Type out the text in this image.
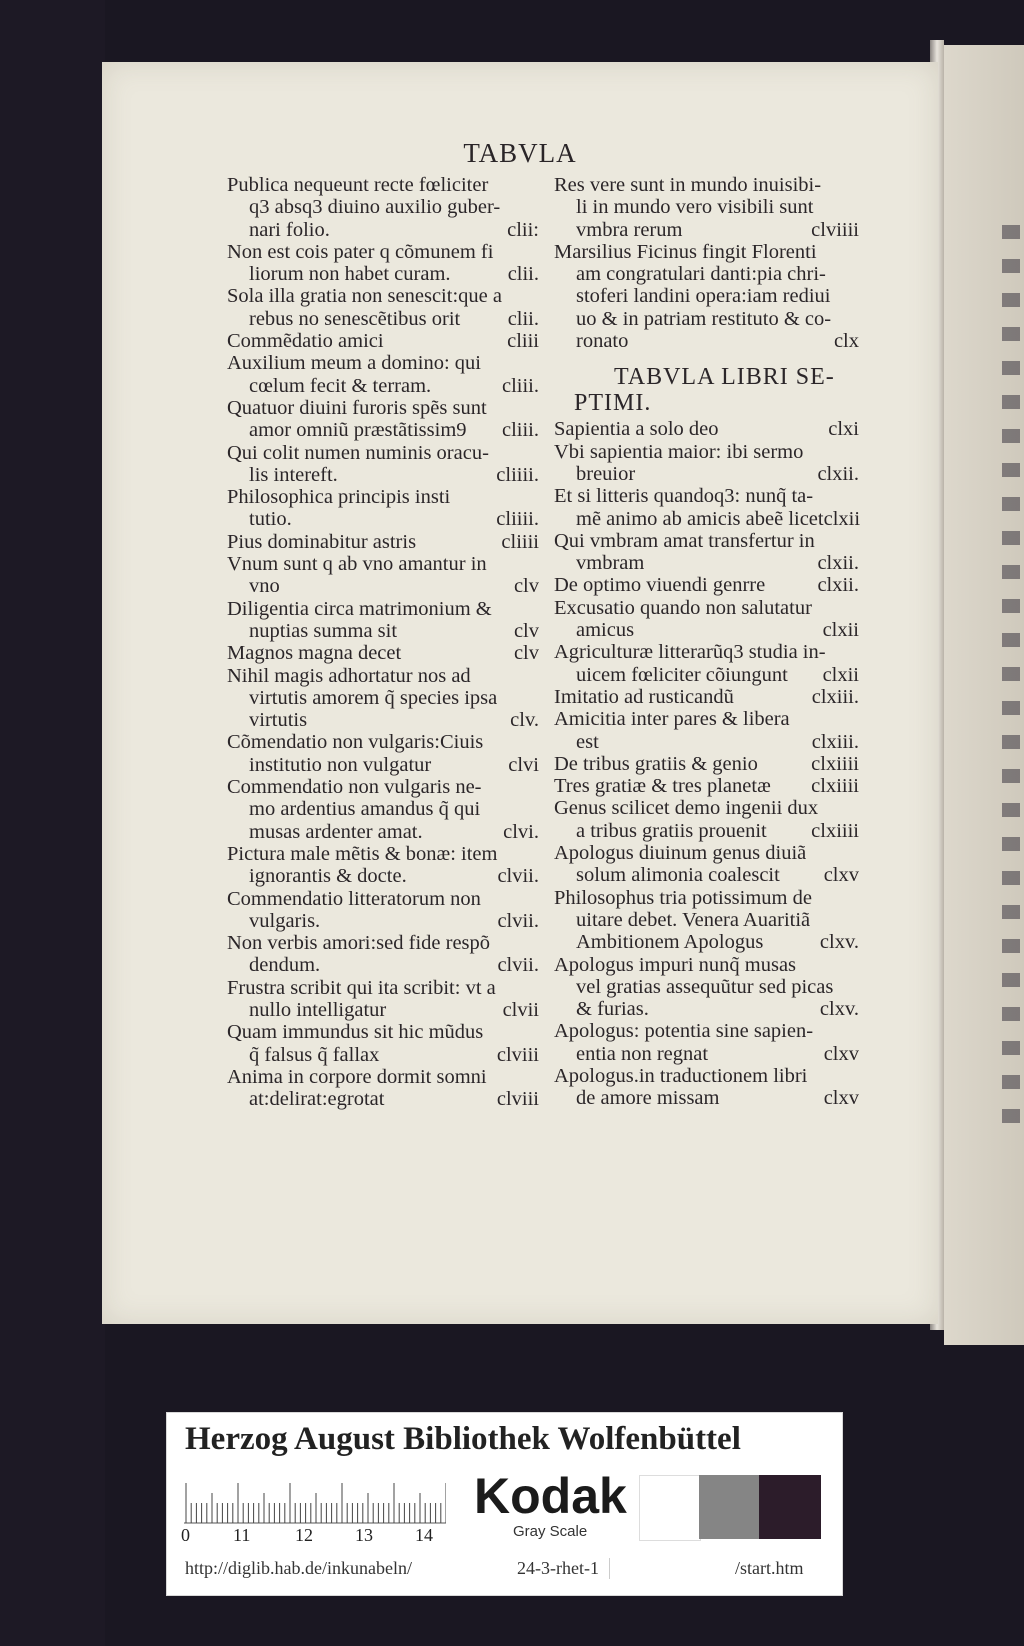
TABVLA
Publica nequeunt recte fœliciter
q3 absq3 diuino auxilio guber-
nari folio.	clii:
Non est cois pater q cõmunem fi
liorum non habet curam.	clii.
Sola illa gratia non senescit:que a
rebus no senescẽtibus orit clii.
Commẽdatio amici	cliii
Auxilium meum a domino: qui
cœlum fecit & terram.	cliii.
Quatuor diuini furoris spẽs sunt
amor omniũ præstãtissim9 cliii.
Qui colit numen numinis oracu-
lis intereft.	cliiii.
Philosophica principis insti
tutio.	cliiii.
Pius dominabitur astris	cliiii
Vnum sunt q ab vno amantur in
vno	clv
Diligentia circa matrimonium &
nuptias summa sit	clv
Magnos magna decet	clv
Nihil magis adhortatur nos ad
virtutis amorem q̃ species ipsa
virtutis	clv.
Cõmendatio non vulgaris:Ciuis
institutio non vulgatur	clvi
Commendatio non vulgaris ne-
mo ardentius amandus q̃ qui
musas ardenter amat.	clvi.
Pictura male mẽtis & bonæ: item
ignorantis & docte.	clvii.
Commendatio litteratorum non
vulgaris.	clvii.
Non verbis amori:sed fide respõ
dendum.	clvii.
Frustra scribit qui ita scribit: vt a
nullo intelligatur	clvii
Quam immundus sit hic mũdus
q̃ falsus q̃ fallax	clviii
Anima in corpore dormit somni
at:delirat:egrotat	clviii
Res vere sunt in mundo inuisibi-
li in mundo vero visibili sunt
vmbra rerum	clviiii
Marsilius Ficinus fingit Florenti
am congratulari danti:pia chri-
stoferi landini opera:iam rediui
uo & in patriam restituto & co-
ronato	clx
TABVLA LIBRI SE-
PTIMI.
Sapientia a solo deo	clxi
Vbi sapientia maior: ibi sermo
breuior	clxii.
Et si litteris quandoq3: nunq̃ ta-
mẽ animo ab amicis abeẽ licet clxii
Qui vmbram amat transfertur in
vmbram	clxii.
De optimo viuendi genrre	clxii.
Excusatio quando non salutatur
amicus	clxii
Agriculturæ litterarũq3 studia in-
uicem fœliciter cõiungunt clxii
Imitatio ad rusticandũ	clxiii.
Amicitia inter pares & libera
est	clxiii.
De tribus gratiis & genio	clxiiii
Tres gratiæ & tres planetæ clxiiii
Genus scilicet demo ingenii dux
a tribus gratiis prouenit clxiiii
Apologus diuinum genus diuiã
solum alimonia coalescit clxv
Philosophus tria potissimum de
uitare debet. Venera Auaritiã
Ambitionem Apologus	clxv.
Apologus impuri nunq̃ musas
vel gratias assequũtur sed picas
& furias.	clxv.
Apologus: potentia sine sapien-
entia non regnat	clxv
Apologus.in traductionem libri
de amore missam	clxv
Herzog August Bibliothek Wolfenbüttel
0 11 12 13 14
Kodak
Gray Scale
http://diglib.hab.de/inkunabeln/	24-3-rhet-1	/start.htm
